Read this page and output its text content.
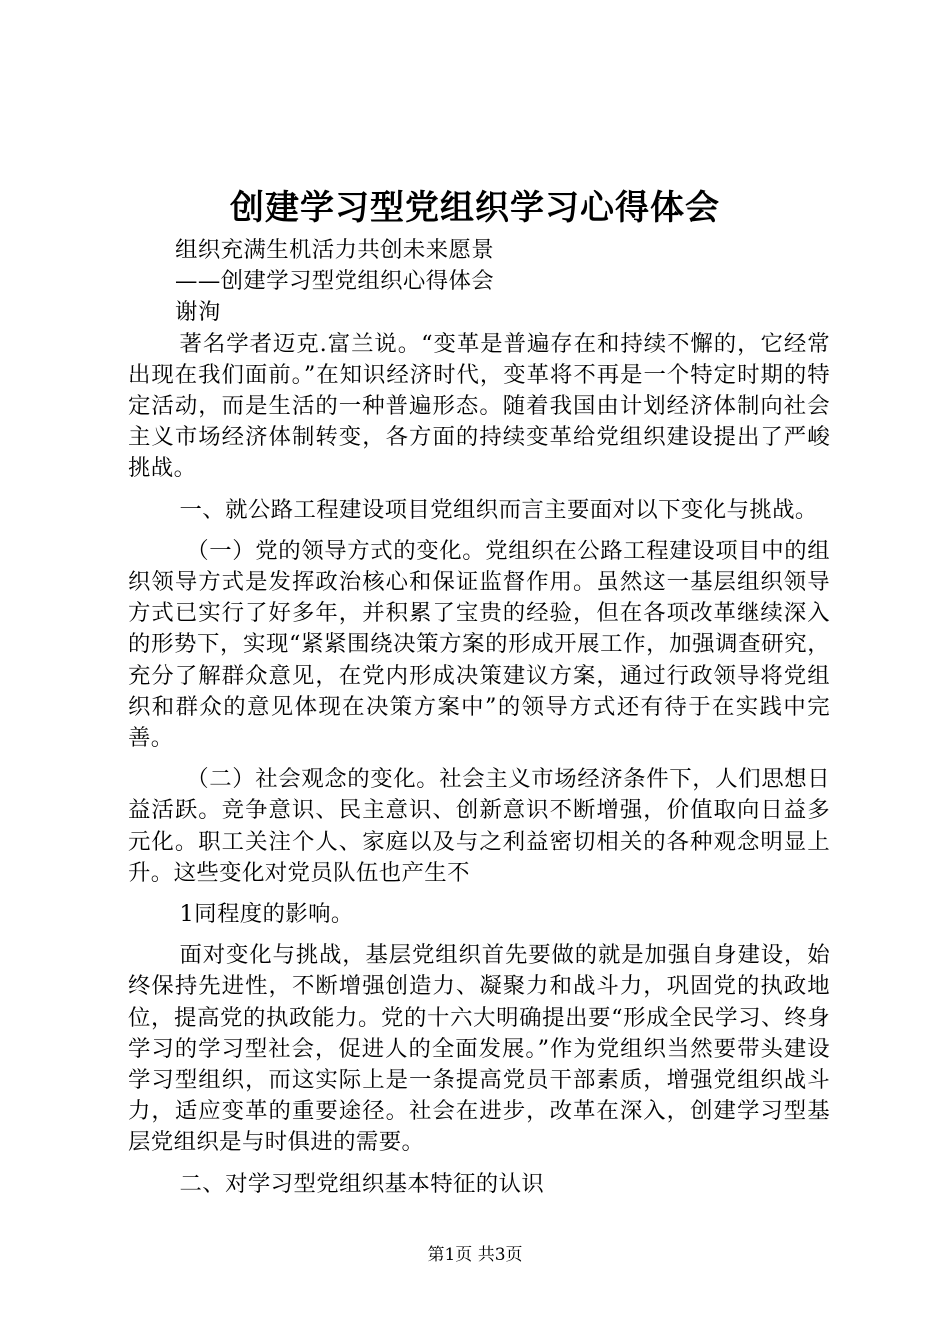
创建学习型党组织学习心得体会

组织充满生机活力共创未来愿景

——创建学习型党组织心得体会

谢洵

著名学者迈克.富兰说。“变革是普遍存在和持续不懈的，它经常出现在我们面前。”在知识经济时代，变革将不再是一个特定时期的特定活动，而是生活的一种普遍形态。随着我国由计划经济体制向社会主义市场经济体制转变，各方面的持续变革给党组织建设提出了严峻挑战。

一、就公路工程建设项目党组织而言主要面对以下变化与挑战。

（一）党的领导方式的变化。党组织在公路工程建设项目中的组织领导方式是发挥政治核心和保证监督作用。虽然这一基层组织领导方式已实行了好多年，并积累了宝贵的经验，但在各项改革继续深入的形势下，实现“紧紧围绕决策方案的形成开展工作，加强调查研究，充分了解群众意见，在党内形成决策建议方案，通过行政领导将党组织和群众的意见体现在决策方案中”的领导方式还有待于在实践中完善。

（二）社会观念的变化。社会主义市场经济条件下，人们思想日益活跃。竞争意识、民主意识、创新意识不断增强，价值取向日益多元化。职工关注个人、家庭以及与之利益密切相关的各种观念明显上升。这些变化对党员队伍也产生不

1同程度的影响。

面对变化与挑战，基层党组织首先要做的就是加强自身建设，始终保持先进性，不断增强创造力、凝聚力和战斗力，巩固党的执政地位，提高党的执政能力。党的十六大明确提出要“形成全民学习、终身学习的学习型社会，促进人的全面发展。”作为党组织当然要带头建设学习型组织，而这实际上是一条提高党员干部素质，增强党组织战斗力，适应变革的重要途径。社会在进步，改革在深入，创建学习型基层党组织是与时俱进的需要。

二、对学习型党组织基本特征的认识

第1页 共3页
